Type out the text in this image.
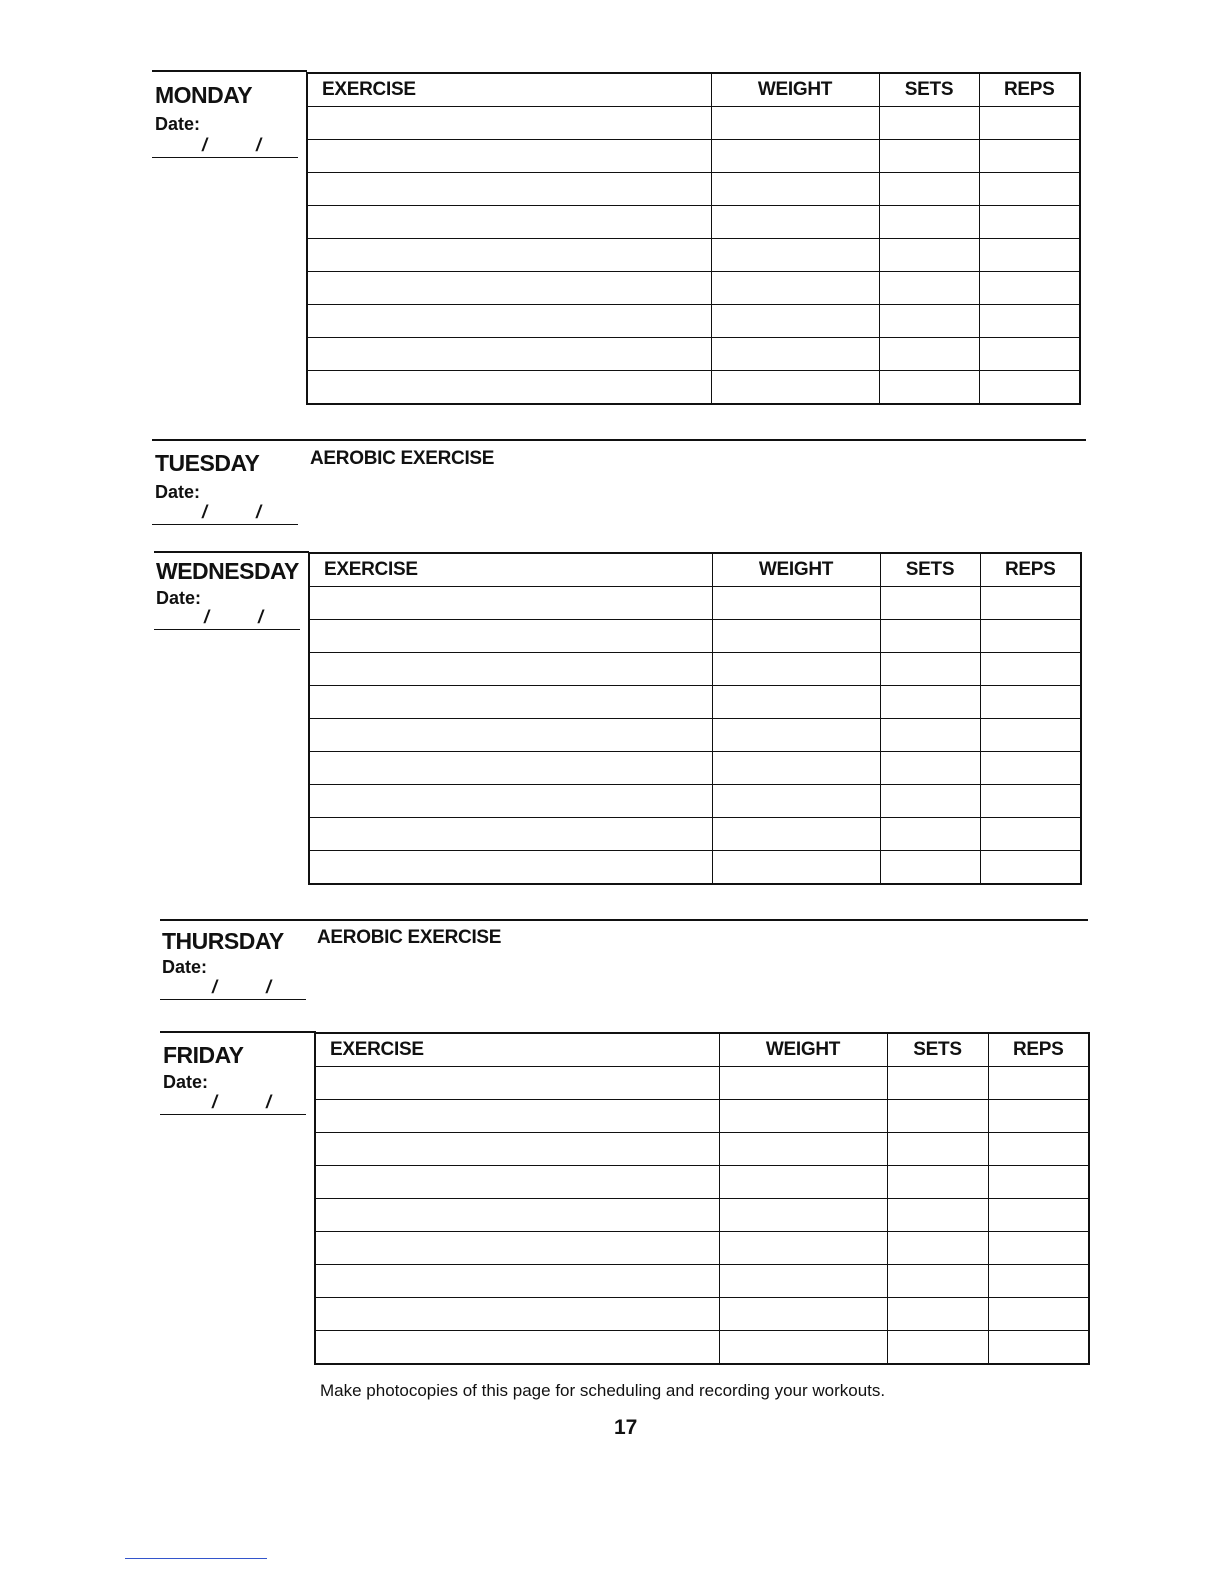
MONDAY
Date:
/	/
EXERCISE	WEIGHT	SETS	REPS

TUESDAY	AEROBIC EXERCISE
Date:
/	/
WEDNESDAY
Date:
/	/
EXERCISE	WEIGHT	SETS	REPS

THURSDAY AEROBIC EXERCISE
Date:
/	/
FRIDAY
Date:
/	/
EXERCISE	WEIGHT	SETS	REPS

Make photocopies of this page for scheduling and recording your workouts.
17
